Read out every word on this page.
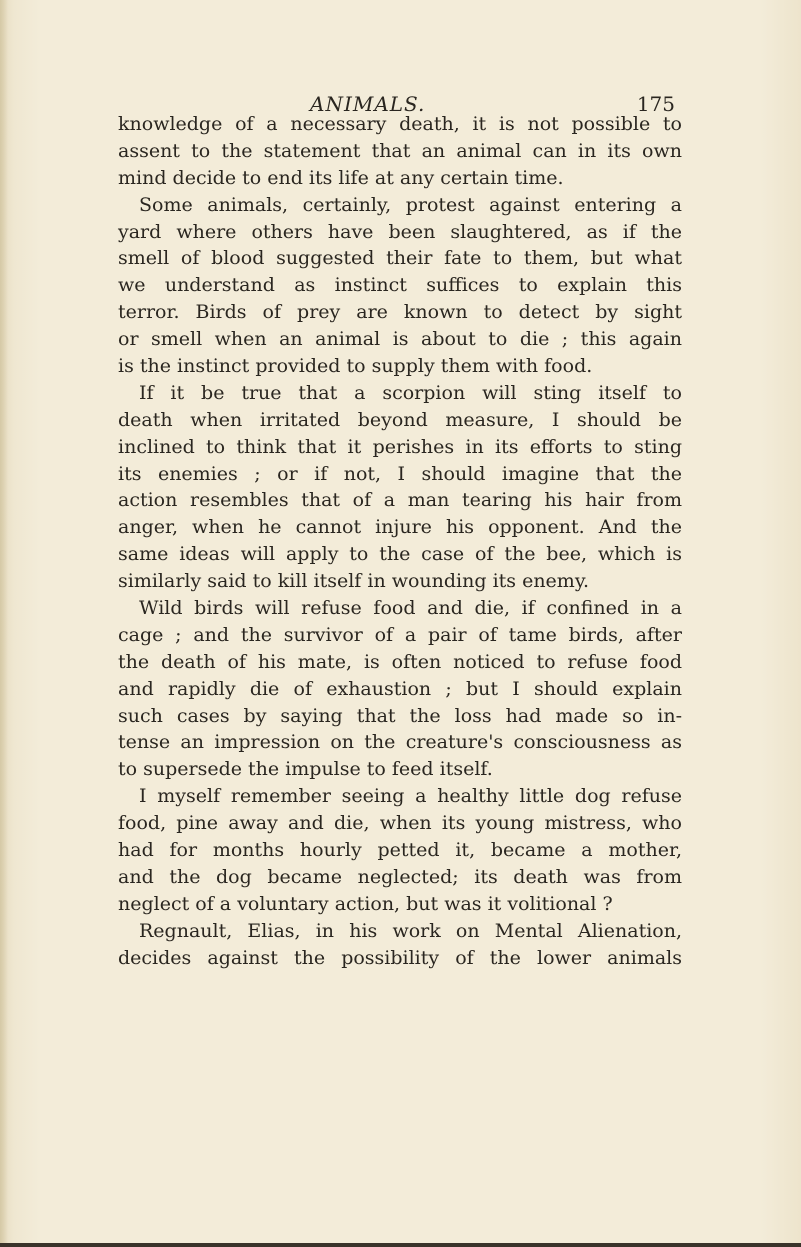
ANIMALS.	175
knowledge of a necessary death, it is not possible to
assent to the statement that an animal can in its own
mind decide to end its life at any certain time.
Some animals, certainly, protest against entering a
yard where others have been slaughtered, as if the
smell of blood suggested their fate to them, but what
we understand as instinct suffices to explain this
terror. Birds of prey are known to detect by sight
or smell when an animal is about to die ; this again
is the instinct provided to supply them with food.
If it be true that a scorpion will sting itself to
death when irritated beyond measure, I should be
inclined to think that it perishes in its efforts to sting
its enemies ; or if not, I should imagine that the
action resembles that of a man tearing his hair from
anger, when he cannot injure his opponent. And the
same ideas will apply to the case of the bee, which is
similarly said to kill itself in wounding its enemy.
Wild birds will refuse food and die, if confined in a
cage ; and the survivor of a pair of tame birds, after
the death of his mate, is often noticed to refuse food
and rapidly die of exhaustion ; but I should explain
such cases by saying that the loss had made so in-
tense an impression on the creature's consciousness as
to supersede the impulse to feed itself.
I myself remember seeing a healthy little dog refuse
food, pine away and die, when its young mistress, who
had for months hourly petted it, became a mother,
and the dog became neglected; its death was from
neglect of a voluntary action, but was it volitional ?
Regnault, Elias, in his work on Mental Alienation,
decides against the possibility of the lower animals
